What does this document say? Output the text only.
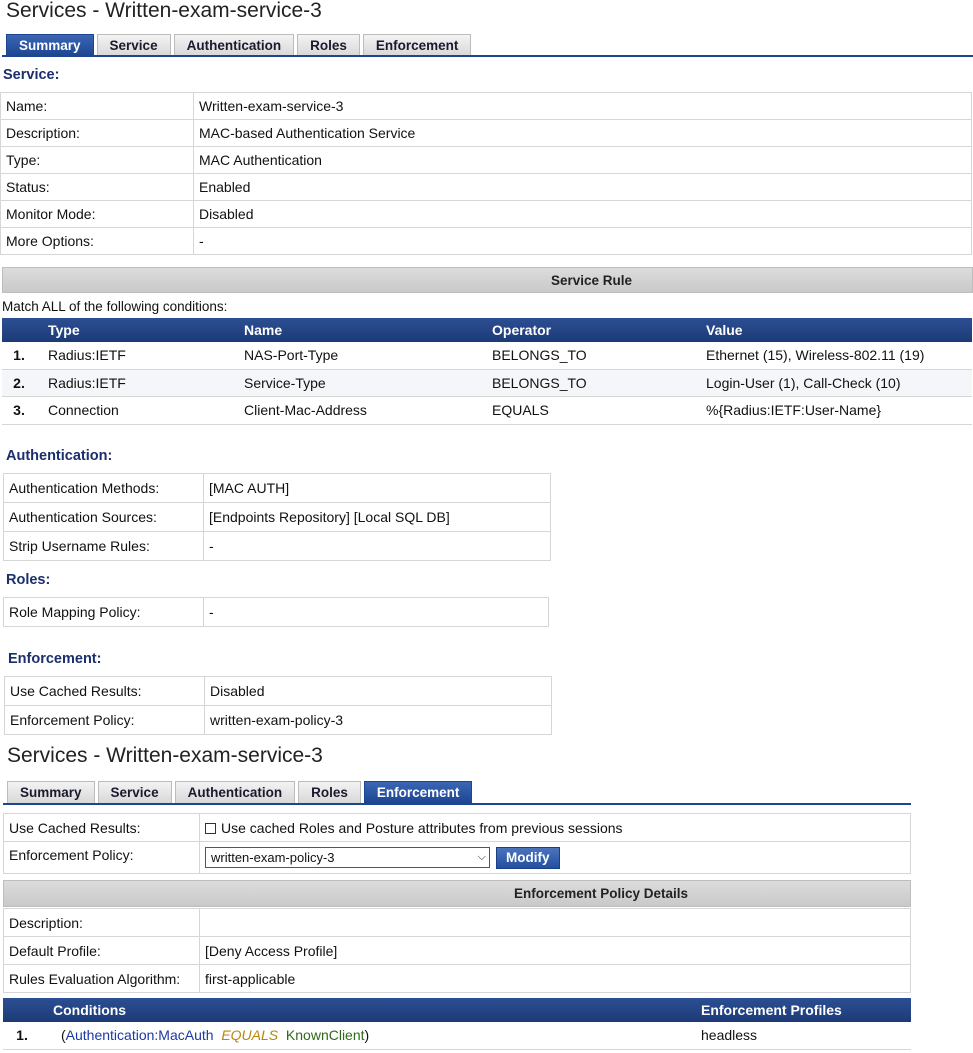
Services - Written-exam-service-3
Summary	Service	Authentication	Roles	Enforcement
Service:
Name:	Written-exam-service-3
Description:	MAC-based Authentication Service
Type:	MAC Authentication
Status:	Enabled
Monitor Mode:	Disabled
More Options:	-
Service Rule
Match ALL of the following conditions:
	Type	Name	Operator	Value
1.	Radius:IETF	NAS-Port-Type	BELONGS_TO	Ethernet (15), Wireless-802.11 (19)
2.	Radius:IETF	Service-Type	BELONGS_TO	Login-User (1), Call-Check (10)
3.	Connection	Client-Mac-Address	EQUALS	%{Radius:IETF:User-Name}
Authentication:
Authentication Methods:	[MAC AUTH]
Authentication Sources:	[Endpoints Repository] [Local SQL DB]
Strip Username Rules:	-
Roles:
Role Mapping Policy:	-
Enforcement:
Use Cached Results:	Disabled
Enforcement Policy:	written-exam-policy-3
Services - Written-exam-service-3
Summary	Service	Authentication	Roles	Enforcement
Use Cached Results:	Use cached Roles and Posture attributes from previous sessions
Enforcement Policy:	written-exam-policy-3 ⌵ Modify
Enforcement Policy Details
Description:	
Default Profile:	[Deny Access Profile]
Rules Evaluation Algorithm:	first-applicable
	Conditions	Enforcement Profiles
1.	(Authentication:MacAuth EQUALS KnownClient)	headless
